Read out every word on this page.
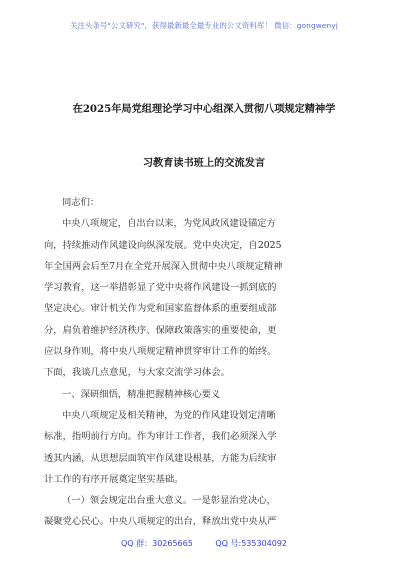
关注头条号"公文研究"，获得最新最全最专业的公文资料库！ 微信：gongwenyj
在2025年局党组理论学习中心组深入贯彻八项规定精神学
习教育读书班上的交流发言
同志们：
中央八项规定，自出台以来，为党风政风建设锚定方
向，持续推动作风建设向纵深发展。党中央决定，自2025
年全国两会后至7月在全党开展深入贯彻中央八项规定精神
学习教育，这一举措彰显了党中央将作风建设一抓到底的
坚定决心。审计机关作为党和国家监督体系的重要组成部
分，肩负着维护经济秩序、保障政策落实的重要使命，更
应以身作则，将中央八项规定精神贯穿审计工作的始终。
下面，我谈几点意见，与大家交流学习体会。
一、深研细悟，精准把握精神核心要义
中央八项规定及相关精神，为党的作风建设划定清晰
标准，指明前行方向。作为审计工作者，我们必须深入学
透其内涵，从思想层面筑牢作风建设根基，方能为后续审
计工作的有序开展奠定坚实基础。
（一）领会规定出台重大意义。一是彰显治党决心，
凝聚党心民心。中央八项规定的出台，释放出党中央从严
QQ 群：30265665	QQ 号:535304092
